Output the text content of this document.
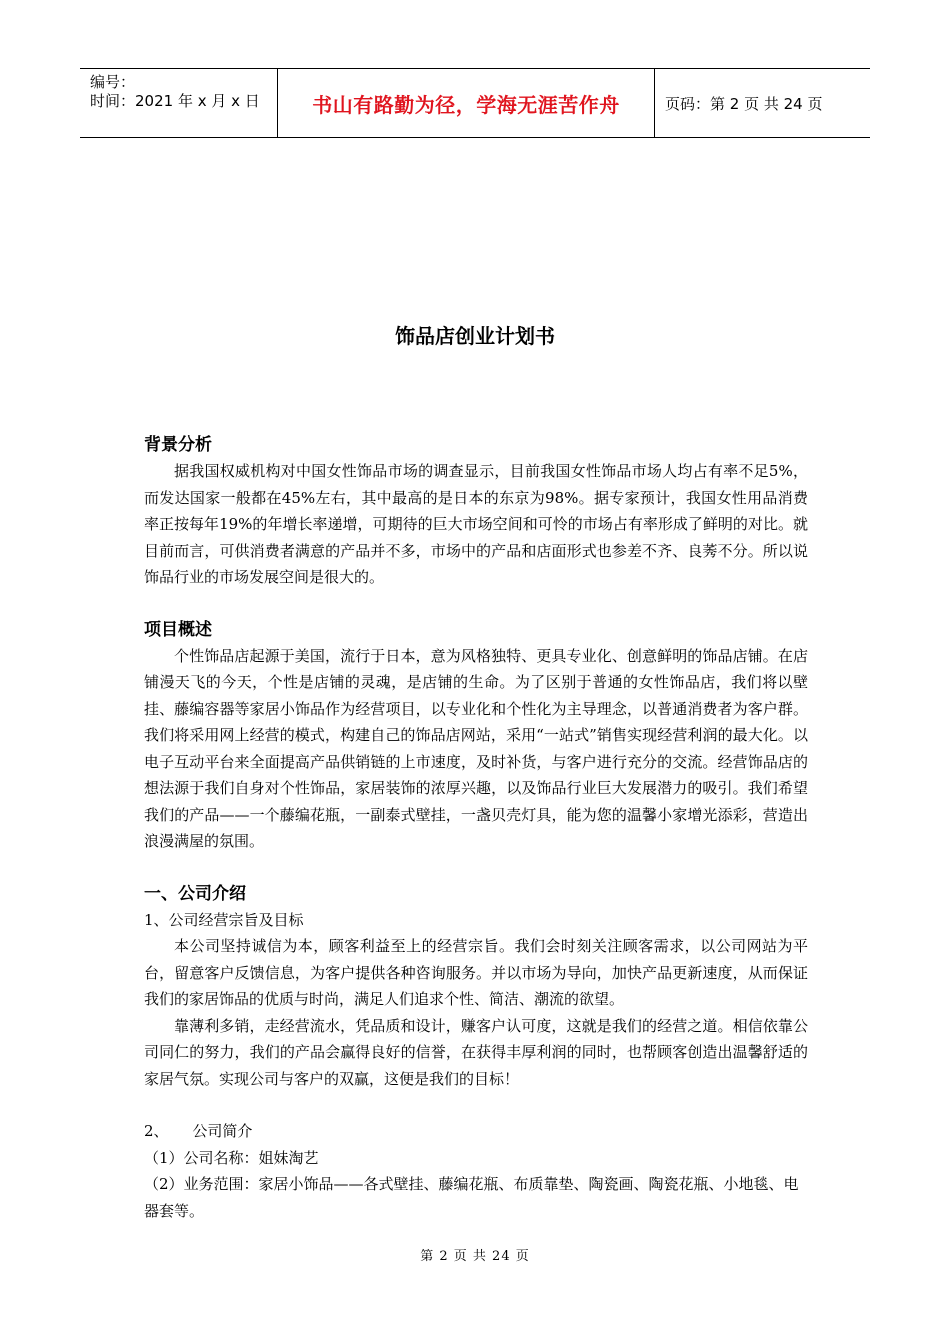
编号：
时间：2021 年 x 月 x 日	书山有路勤为径，学海无涯苦作舟	页码：第 2 页 共 24 页
饰品店创业计划书
背景分析

据我国权威机构对中国女性饰品市场的调查显示，目前我国女性饰品市场人均占有率不足5%，而发达国家一般都在45%左右，其中最高的是日本的东京为98%。据专家预计，我国女性用品消费率正按每年19%的年增长率递增，可期待的巨大市场空间和可怜的市场占有率形成了鲜明的对比。就目前而言，可供消费者满意的产品并不多，市场中的产品和店面形式也参差不齐、良莠不分。所以说饰品行业的市场发展空间是很大的。

项目概述

个性饰品店起源于美国，流行于日本，意为风格独特、更具专业化、创意鲜明的饰品店铺。在店铺漫天飞的今天，个性是店铺的灵魂，是店铺的生命。为了区别于普通的女性饰品店，我们将以壁挂、藤编容器等家居小饰品作为经营项目，以专业化和个性化为主导理念，以普通消费者为客户群。我们将采用网上经营的模式，构建自己的饰品店网站，采用“一站式”销售实现经营利润的最大化。以电子互动平台来全面提高产品供销链的上市速度，及时补货，与客户进行充分的交流。经营饰品店的想法源于我们自身对个性饰品，家居装饰的浓厚兴趣，以及饰品行业巨大发展潜力的吸引。我们希望我们的产品——一个藤编花瓶，一副泰式壁挂，一盏贝壳灯具，能为您的温馨小家增光添彩，营造出浪漫满屋的氛围。

一、公司介绍
1、公司经营宗旨及目标

本公司坚持诚信为本，顾客利益至上的经营宗旨。我们会时刻关注顾客需求，以公司网站为平台，留意客户反馈信息，为客户提供各种咨询服务。并以市场为导向，加快产品更新速度，从而保证我们的家居饰品的优质与时尚，满足人们追求个性、简洁、潮流的欲望。

靠薄利多销，走经营流水，凭品质和设计，赚客户认可度，这就是我们的经营之道。相信依靠公司同仁的努力，我们的产品会赢得良好的信誉，在获得丰厚利润的同时，也帮顾客创造出温馨舒适的家居气氛。实现公司与客户的双赢，这便是我们的目标！

2、     公司简介
（1）公司名称：姐妹淘艺
（2）业务范围：家居小饰品——各式壁挂、藤编花瓶、布质靠垫、陶瓷画、陶瓷花瓶、小地毯、电器套等。
第 2 页 共 24 页
